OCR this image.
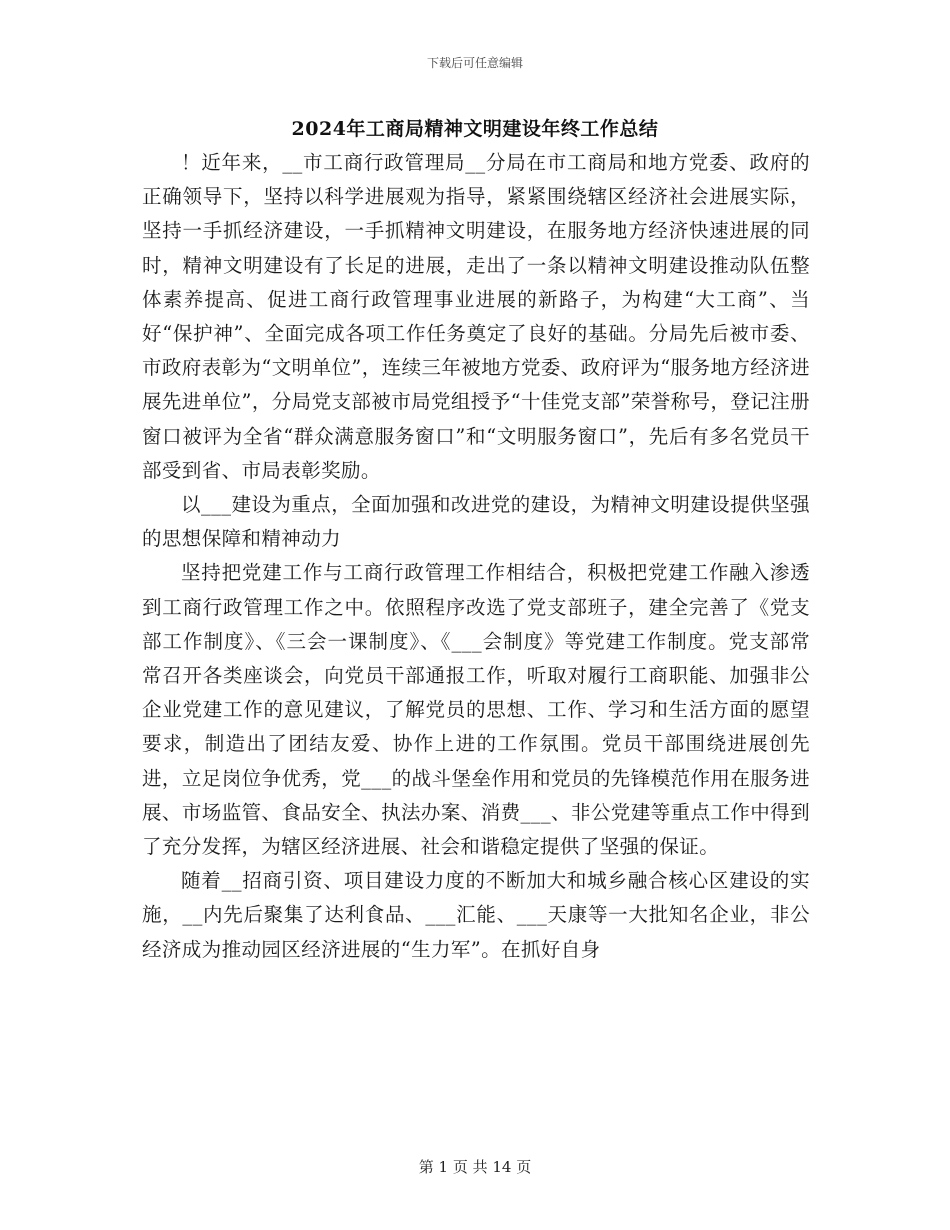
下载后可任意编辑
2024年工商局精神文明建设年终工作总结

！近年来，__市工商行政管理局__分局在市工商局和地方党委、政府的正确领导下，坚持以科学进展观为指导，紧紧围绕辖区经济社会进展实际，坚持一手抓经济建设，一手抓精神文明建设，在服务地方经济快速进展的同时，精神文明建设有了长足的进展，走出了一条以精神文明建设推动队伍整体素养提高、促进工商行政管理事业进展的新路子，为构建“大工商”、当好“保护神”、全面完成各项工作任务奠定了良好的基础。分局先后被市委、市政府表彰为“文明单位”，连续三年被地方党委、政府评为“服务地方经济进展先进单位”，分局党支部被市局党组授予“十佳党支部”荣誉称号，登记注册窗口被评为全省“群众满意服务窗口”和“文明服务窗口”，先后有多名党员干部受到省、市局表彰奖励。

以___建设为重点，全面加强和改进党的建设，为精神文明建设提供坚强的思想保障和精神动力

坚持把党建工作与工商行政管理工作相结合，积极把党建工作融入渗透到工商行政管理工作之中。依照程序改选了党支部班子，建全完善了《党支部工作制度》、《三会一课制度》、《___会制度》等党建工作制度。党支部常常召开各类座谈会，向党员干部通报工作，听取对履行工商职能、加强非公企业党建工作的意见建议，了解党员的思想、工作、学习和生活方面的愿望要求，制造出了团结友爱、协作上进的工作氛围。党员干部围绕进展创先进，立足岗位争优秀，党___的战斗堡垒作用和党员的先锋模范作用在服务进展、市场监管、食品安全、执法办案、消费___、非公党建等重点工作中得到了充分发挥，为辖区经济进展、社会和谐稳定提供了坚强的保证。

随着__招商引资、项目建设力度的不断加大和城乡融合核心区建设的实施，__内先后聚集了达利食品、___汇能、___天康等一大批知名企业，非公经济成为推动园区经济进展的“生力军”。在抓好自身

第 1 页 共 14 页
